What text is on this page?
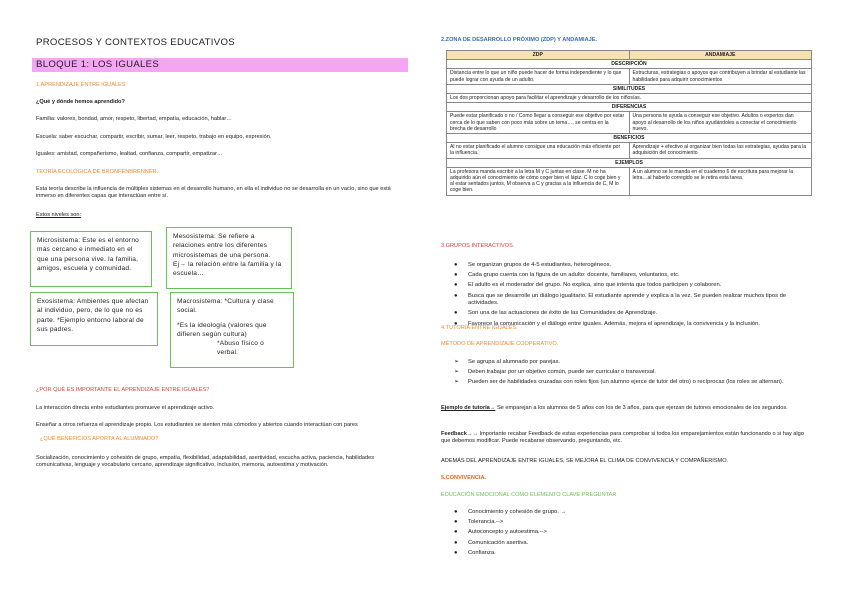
PROCESOS Y CONTEXTOS EDUCATIVOS
BLOQUE 1: LOS IGUALES
1.APRENDIZAJE ENTRE IGUALES
¿Qué y dónde hemos aprendido?
Familia: valores, bondad, amor, respeto, libertad, empatía, educación, hablar…
Escuela: saber escuchar, compartir, escribir, sumar, leer, respeto, trabajo en equipo, expresión.
Iguales: amistad, compañerismo, lealtad, confianza, compartir, empatizar…
TEORÍA ECOLÓGICA DE BRONFENBRENNER.
Esta teoría describe la influencia de múltiples sistemas en el desarrollo humano, en ella el individuo no se desarrolla en un vacío, sino que está inmerso en diferentes capas que interactúan entre sí.
Estos niveles son:
Microsistema: Este es el entorno más cercano e inmediato en el que una persona vive. la familia, amigos, escuela y comunidad.
Mesosistema: Se refiere a relaciones entre los diferentes microsistemas de una persona. Ej→ la relación entre la familia y la escuela…
Exosistema: Ambientes que afectan al individuo, pero, de lo que no es parte. *Ejemplo entorno laboral de sus padres.
Macrosistema: *Cultura y clase social.
*Es la ideología (valores que difieren según cultura)
*Abuso físico o verbal.
¿POR QUÉ ES IMPORTANTE EL APRENDIZAJE ENTRE IGUALES?
La interacción directa entre estudiantes promueve el aprendizaje activo.
Enseñar a otros refuerza el aprendizaje propio. Los estudiantes se sienten más cómodos y abiertos cuando interactúan con pares
¿QUÉ BENEFICIOS APORTA AL ALUMNADO?
Socialización, conocimiento y cohesión de grupo, empatía, flexibilidad, adaptabilidad, asertividad, escucha activa, paciencia, habilidades comunicativas, lenguaje y vocabulario cercano, aprendizaje significativo, inclusión, memoria, autoestima y motivación.
2.ZONA DE DESARROLLO PRÓXIMO (ZDP) Y ANDAMIAJE.
ZDP	ANDAMIAJE
DESCRIPCIÓN	
Distancia entre lo que un niño puede hacer de forma independiente y lo que puede lograr con ayuda de un adulto.	Estructuras, estrategias o apoyos que contribuyen a brindar al estudiante las habilidades para adquirir conocimientos
SIMILITUDES	
Los dos proporcionan apoyo para facilitar el aprendizaje y desarrollo de los niños/as.	
DIFERENCIAS	
Puede estar planificado o no / Como llegar a conseguir ese objetivo por estar cerca de lo que saben con poco más sobre un tema…, se centra en la brecha de desarrollo	Una persona te ayuda a conseguir ese objetivo. Adultos o expertos dan apoyo al desarrollo de los niños ayudándoles a conectar el conocimiento nuevo.
BENEFICIOS	
Al no estar planificado el alumno consigue una educación más eficiente por la influencia.	Aprendizaje + efectivo al organizar bien todas las estrategias, ayudas para la adquisición del conocimiento
EJEMPLOS	
La profesora manda escribir a la letra M y C juntas en clase. M no ha adquirido aún el conocimiento de cómo coger bien el lápiz. C lo coge bien y al estar sentados juntos, M observa a C y gracias a la influencia de C, M lo coge bien.	A un alumno se le manda en el cuaderno 6 de escritura para mejorar la letra…al haberlo corregido se le retira esta tarea.
3.GRUPOS INTERACTIVOS.
● Se organizan grupos de 4-5 estudiantes, heterogéneos.
● Cada grupo cuenta con la figura de un adulto: docente, familiares, voluntarios, etc.
● El adulto es el moderador del grupo. No explica, sino que intenta que todos participen y colaboren.
● Busca que se desarrolle un diálogo igualitario. El estudiante aprende y explica a la vez. Se pueden realizar muchos tipos de actividades.
● Son una de las actuaciones de éxito de las Comunidades de Aprendizaje.
● Favorece la comunicación y el diálogo entre iguales. Además, mejora el aprendizaje, la convivencia y la inclusión.
4.TUTORÍA ENTRE IGUALES.
MÉTODO DE APRENDIZAJE COOPERATIVO.
➢ Se agrupa al alumnado por parejas.
➢ Deben trabajar por un objetivo común, puede ser curricular o transversal.
➢ Pueden ser de habilidades cruzadas con roles fijos (un alumno ejerce de tutor del otro) o recíprocas (los roles se alternan).
Ejemplo de tutoría→ Se emparejan a los alumnos de 5 años con los de 3 años, para que ejerzan de tutores emocionales de los segundos.
Feedback→→ Importante recabar Feedback de estas experiencias para comprobar si todos los emparejamientos están funcionando o si hay algo que debemos modificar. Puede recabarse observando, preguntando, etc.
ADEMÁS DEL APRENDIZAJE ENTRE IGUALES, SE MEJORA EL CLIMA DE CONVIVENCIA Y COMPAÑERISMO.
5.CONVIVENCIA.
EDUCACIÓN EMOCIONAL COMO ELEMENTO CLAVE PREGUNTAR
● Conocimiento y cohesión de grupo. →
● Tolerancia.-->
● Autoconcepto y autoestima.-->
● Comunicación asertiva.
● Confianza.
